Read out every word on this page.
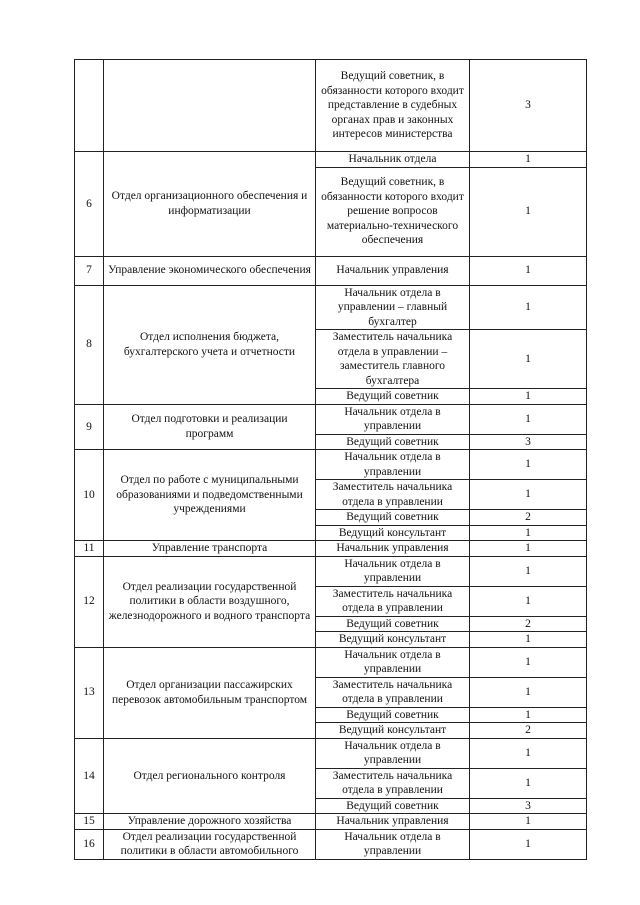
		Ведущий советник, в обязанности которого входит представление в судебных органах прав и законных интересов министерства	3
6	Отдел организационного обеспечения и информатизации	Начальник отдела	1
		Ведущий советник, в обязанности которого входит решение вопросов материально-технического обеспечения	1
7	Управление экономического обеспечения	Начальник управления	1
8	Отдел исполнения бюджета, бухгалтерского учета и отчетности	Начальник отдела в управлении – главный бухгалтер	1
		Заместитель начальника отдела в управлении – заместитель главного бухгалтера	1
		Ведущий советник	1
9	Отдел подготовки и реализации программ	Начальник отдела в управлении	1
		Ведущий советник	3
10	Отдел по работе с муниципальными образованиями и подведомственными учреждениями	Начальник отдела в управлении	1
		Заместитель начальника отдела в управлении	1
		Ведущий советник	2
		Ведущий консультант	1
11	Управление транспорта	Начальник управления	1
12	Отдел реализации государственной политики в области воздушного, железнодорожного и водного транспорта	Начальник отдела в управлении	1
		Заместитель начальника отдела в управлении	1
		Ведущий советник	2
		Ведущий консультант	1
13	Отдел организации пассажирских перевозок автомобильным транспортом	Начальник отдела в управлении	1
		Заместитель начальника отдела в управлении	1
		Ведущий советник	1
		Ведущий консультант	2
14	Отдел регионального контроля	Начальник отдела в управлении	1
		Заместитель начальника отдела в управлении	1
		Ведущий советник	3
15	Управление дорожного хозяйства	Начальник управления	1
16	Отдел реализации государственной политики в области автомобильного	Начальник отдела в управлении	1
